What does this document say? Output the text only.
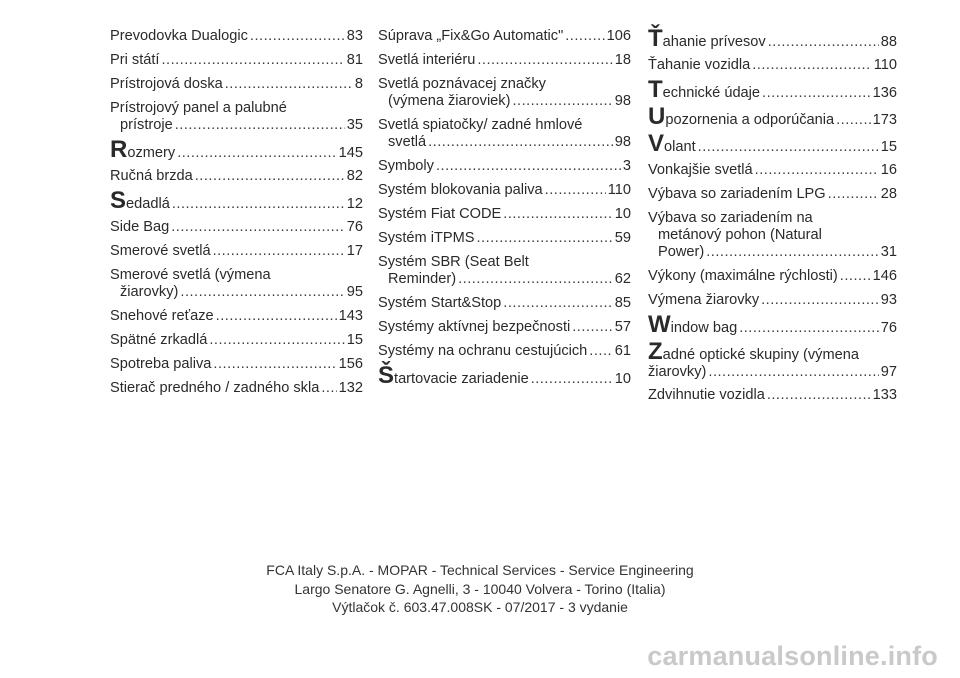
Prevodovka Dualogic .....	83
Pri státí .....	81
Prístrojová doska .....	8
Prístrojový panel a palubné
prístroje .....	35
Rozmery .....	145
Ručná brzda .....	82
Sedadlá .....	12
Side Bag .....	76
Smerové svetlá .....	17
Smerové svetlá (výmena
žiarovky) .....	95
Snehové reťaze .....	143
Spätné zrkadlá .....	15
Spotreba paliva .....	156
Stierač predného / zadného skla ..... 132
Súprava „Fix&Go Automatic" .....	106
Svetlá interiéru .....	18
Svetlá poznávacej značky
(výmena žiaroviek) .....	98
Svetlá spiatočky/ zadné hmlové
svetlá .....	98
Symboly .....	3
Systém blokovania paliva .....	110
Systém Fiat CODE .....	10
Systém iTPMS .....	59
Systém SBR (Seat Belt
Reminder) .....	62
Systém Start&Stop .....	85
Systémy aktívnej bezpečnosti .....	57
Systémy na ochranu cestujúcich ..... 61
Štartovacie zariadenie .....	10
Ťahanie prívesov .....	88
Ťahanie vozidla .....	110
Technické údaje .....	136
Upozornenia a odporúčania .....	173
Volant .....	15
Vonkajšie svetlá .....	16
Výbava so zariadením LPG .....	28
Výbava so zariadením na
metánový pohon (Natural
Power) .....	31
Výkony (maximálne rýchlosti) ..... 146
Výmena žiarovky .....	93
Window bag .....	76
Zadné optické skupiny (výmena
žiarovky) .....	97
Zdvihnutie vozidla .....	133
FCA Italy S.p.A. - MOPAR - Technical Services - Service Engineering
Largo Senatore G. Agnelli, 3 - 10040 Volvera - Torino (Italia)
Výtlačok č. 603.47.008SK - 07/2017 - 3 vydanie
carmanualsonline.info
